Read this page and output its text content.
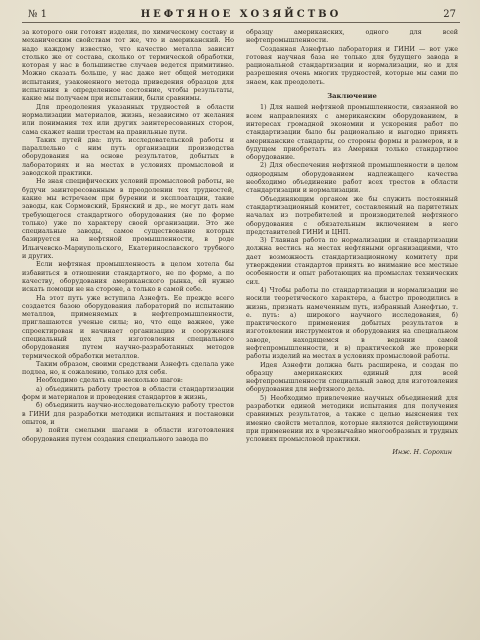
№ 1	НЕФТЯНОЕ ХОЗЯЙСТВО	27

за которого они готовят изделия, по химическому составу и механическим свойствам тот же, что и американский. Но надо каждому известно, что качество металла зависит столько же от состава, сколько от термической обработки, которая у нас в большинстве случаев ведется примитивно. Можно сказать больше, у нас даже нет общей методики испытания, узаконенного метода приведения образцов для испытания в определенное состояние, чтобы результаты, какие мы получаем при испытании, были сравнимы.

Для преодоления указанных трудностей в области нормализации материалов, жизнь, независимо от желания или понимания тех или других заинтересованных сторон, сама скажет наши трестам на правильные пути.

Таких путей два: путь исследовательской работы и параллельно с ним путь организации производства оборудования на основе результатов, добытых в лабораториях и на местах в условиях промысловой и заводской практики.

Не зная специфических условий промысловой работы, не будучи заинтересованным в преодолении тех трудностей, какие мы встречаем при бурении и эксплоатации, такие заводы, как Сормовский, Брянский и др., не могут дать нам требующегося стандартного оборудования (не по форме только) уже по характеру своей организации. Это же специальные заводы, самое существование которых базируется на нефтяной промышленности, в роде Ильичевско-Мариупольского, Екатеринославского трубного и других.

Если нефтяная промышленность в целом хотела бы избавиться в отношении стандартного, не по форме, а по качеству, оборудования американского рынка, ей нужно искать помощи не на стороне, а только в самой себе.

На этот путь уже вступила Азнефть. Ее прежде всего создается базою оборудования лабораторий по испытанию металлов, применяемых в нефтепромышленности, приглашаются ученые силы; но, что еще важнее, уже спроектирован и начинает организацию и сооружения специальный цех для изготовления специального оборудования путем научно-разработанных методов термической обработки металлов.

Таким образом, своими средствами Азнефть сделала уже подлеа, но, к сожалению, только для себя.

Необходимо сделать еще несколько шагов:

а) объединить работу трестов в области стандартизации форм и материалов и проведения стандартов в жизнь,

б) объединить научно-исследовательскую работу трестов в ГИНИ для разработки методики испытания и постановки опытов, и

в) пойти смелыми шагами в области изготовления оборудования путем создания специального завода по

образцу американских, одного для всей нефтепромышленности.

Созданная Азнефтью лаборатория и ГИНИ — вот уже готовая научная база не только для будущего завода в рациональной стандартизации и нормализации, но и для разрешения очень многих трудностей, которые мы сами по знаем, как преодолеть.

Заключение

1) Для нашей нефтяной промышленности, связанной во всем направлениях с американским оборудованием, в интересах громадной экономии и ускорения работ по стандартизации было бы рационально и выгодно принять американские стандарты, со стороны формы и размеров, и в будущем приобретать из Америки только стандартное оборудование.

2) Для обеспечения нефтяной промышленности в целом однородным оборудованием надлежащего качества необходимо объединение работ всех трестов в области стандартизации и нормализации.

Объединяющим органом же бы служить постоянный стандартизационный комитет, составленный на паритетных началах из потребителей и производителей нефтяного оборудования с обязательным включением в него представителей ГИНИ и ЦНП.

3) Главная работа по нормализации и стандартизации должна вестись на местах нефтяными организациями, что дает возможность стандартизационному комитету при утверждении стандартов принять во внимание все местные особенности и опыт работающих на промыслах технических сил.

4) Чтобы работы по стандартизации и нормализации не носили теоретического характера, а быстро проводились в жизнь, признать намеченным путь, избранный Азнефтью, т. е. путь: а) широкого научного исследования, б) практического применения добытых результатов в изготовлении инструментов и оборудования на специальном заводе, находящемся в ведении самой нефтепромышленности, и в) практической же проверки работы изделий на местах в условиях промысловой работы.

Идея Азнефти должна быть расширена, и создан по образцу американских единый для всей нефтепромышленности специальный завод для изготовления оборудования для нефтяного дела.

5) Необходимо привлечение научных объединений для разработки единой методики испытания для получения сравнимых результатов, а также с целью выяснения тех именно свойств металлов, которые являются действующими при применении их в чрезвычайно многообразных и трудных условиях промысловой практики.

Инж. Н. Сорокин
